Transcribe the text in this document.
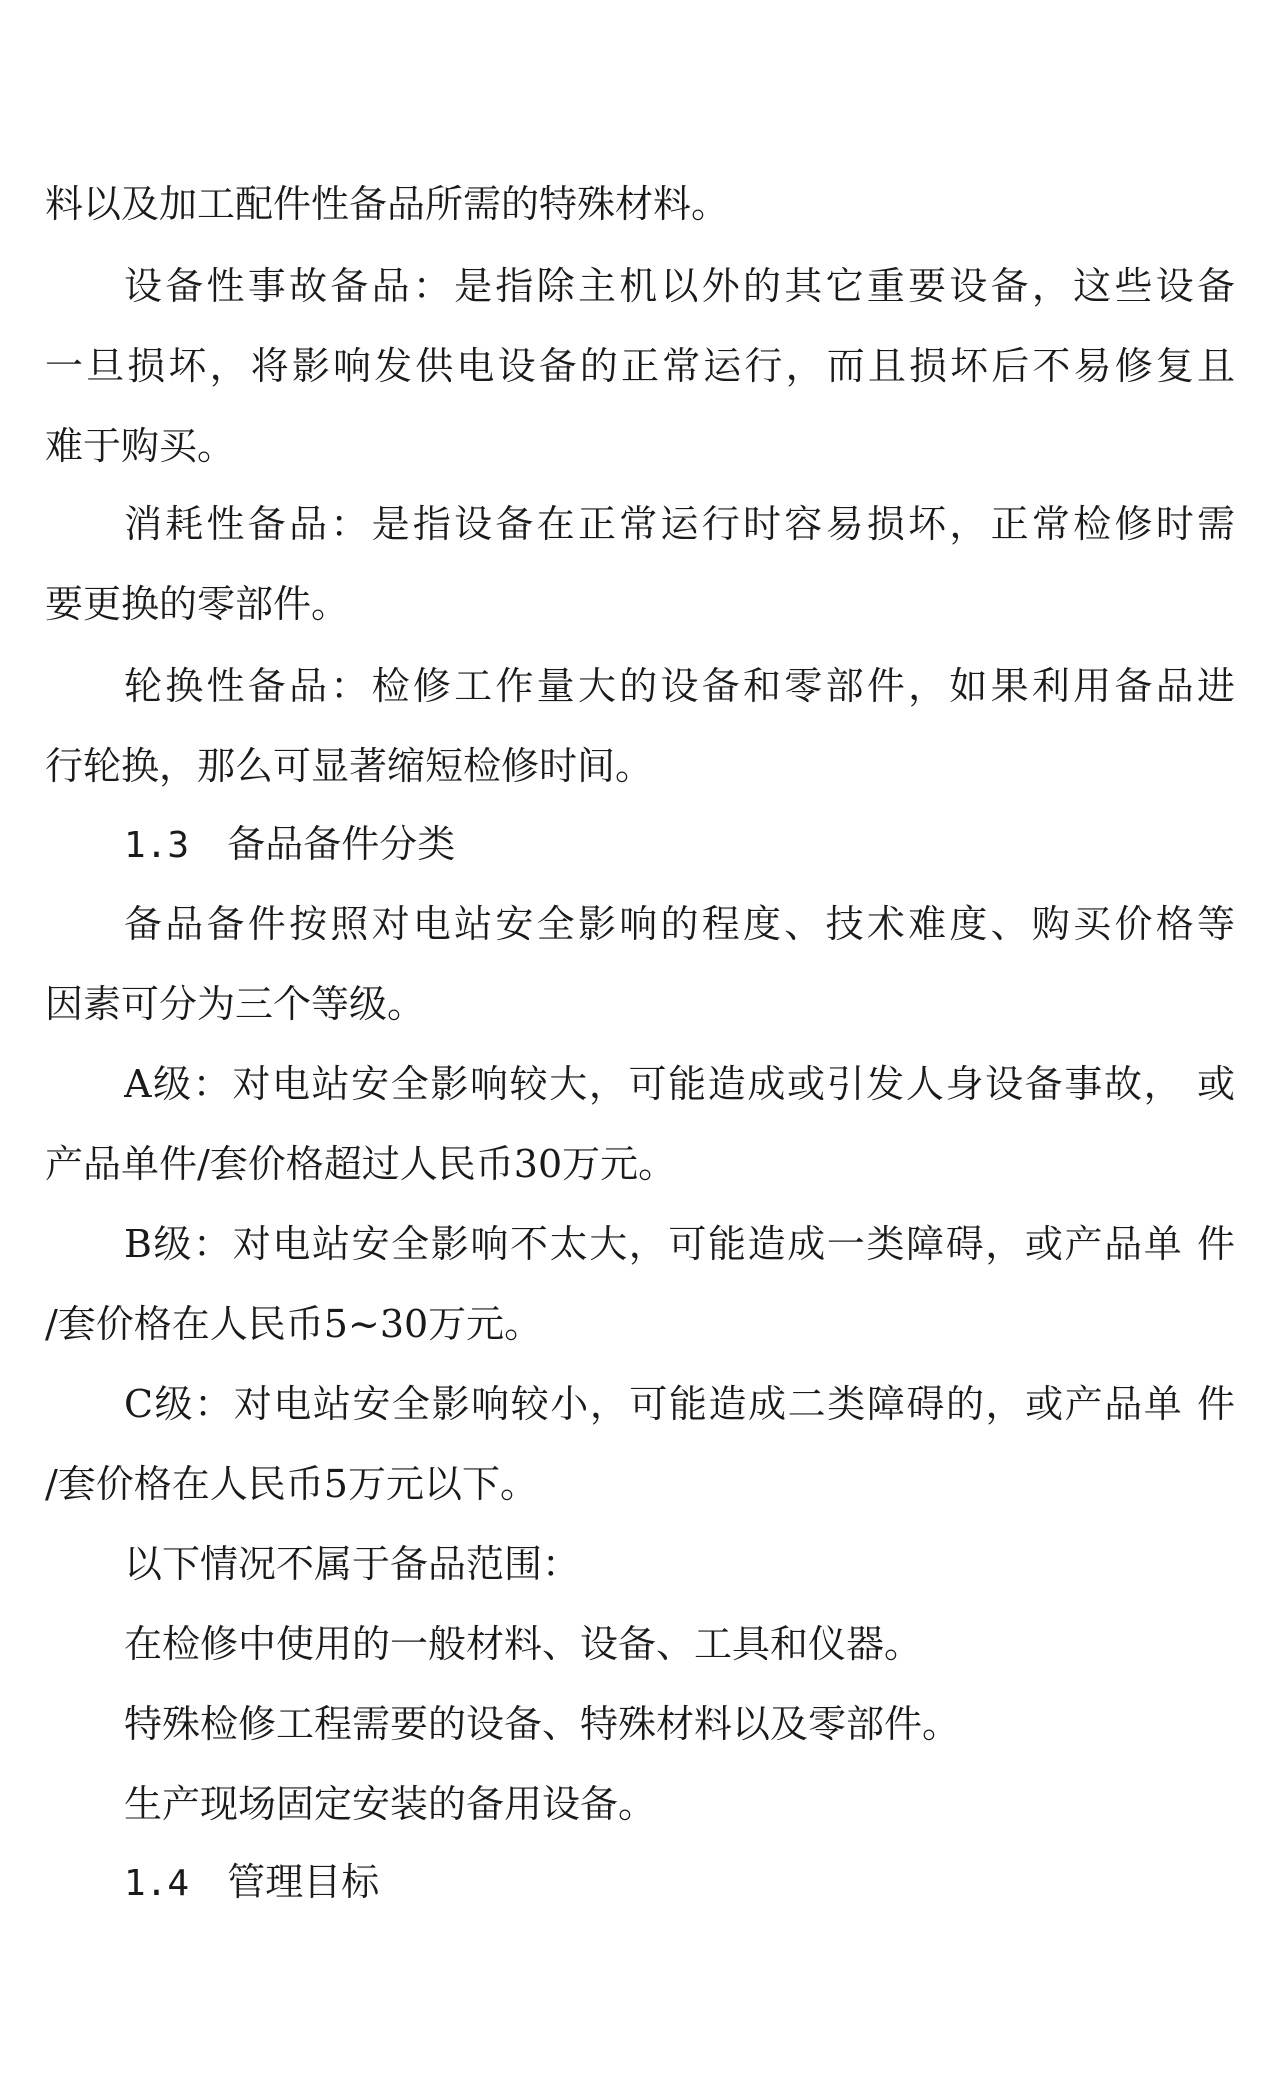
料以及加工配件性备品所需的特殊材料。
设备性事故备品：是指除主机以外的其它重要设备，这些设备
一旦损坏，将影响发供电设备的正常运行，而且损坏后不易修复且
难于购买。
消耗性备品：是指设备在正常运行时容易损坏，正常检修时需
要更换的零部件。
轮换性备品：检修工作量大的设备和零部件，如果利用备品进
行轮换，那么可显著缩短检修时间。
1.3 备品备件分类
备品备件按照对电站安全影响的程度、技术难度、购买价格等
因素可分为三个等级。
A级：对电站安全影响较大，可能造成或引发人身设备事故， 或
产品单件/套价格超过人民币30万元。
B级：对电站安全影响不太大，可能造成一类障碍，或产品单 件
/套价格在人民币5~30万元。
C级：对电站安全影响较小，可能造成二类障碍的，或产品单 件
/套价格在人民币5万元以下。
以下情况不属于备品范围：
在检修中使用的一般材料、设备、工具和仪器。
特殊检修工程需要的设备、特殊材料以及零部件。
生产现场固定安装的备用设备。
1.4 管理目标
